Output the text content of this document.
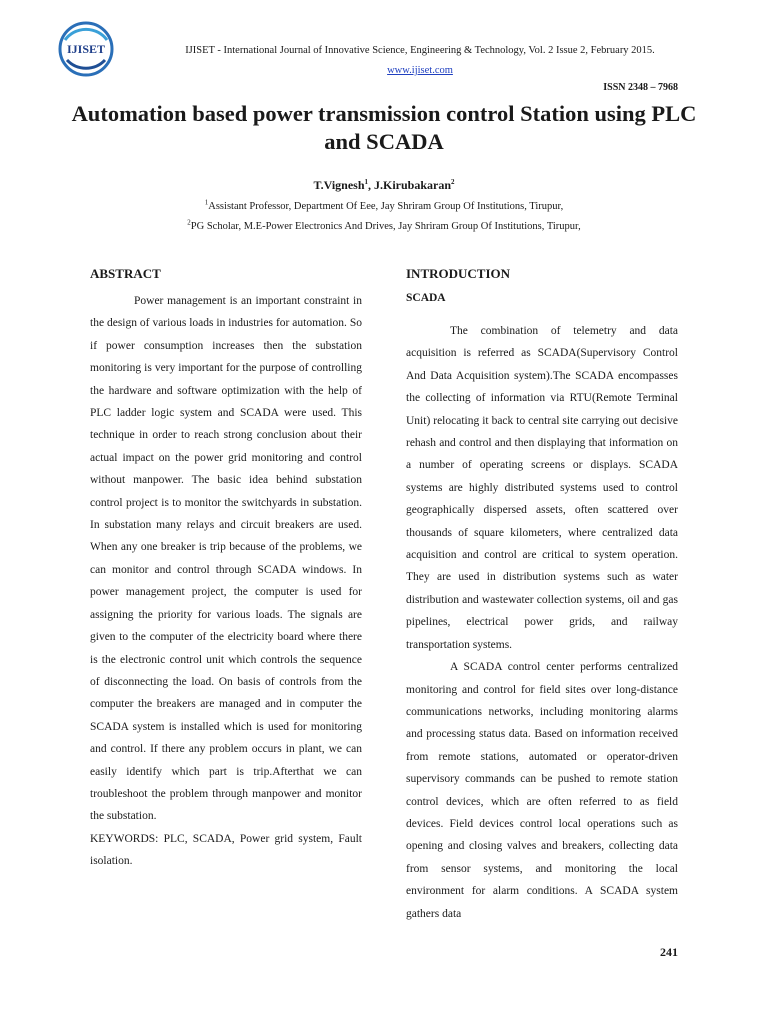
IJISET	IJISET - International Journal of Innovative Science, Engineering & Technology, Vol. 2 Issue 2, February 2015.
www.ijiset.com
ISSN 2348 – 7968
Automation based power transmission control Station using PLC and SCADA
T.Vignesh$^1$, J.Kirubakaran$^2$
$^1$Assistant Professor, Department Of Eee, Jay Shriram Group Of Institutions, Tirupur,
$^2$PG Scholar, M.E-Power Electronics And Drives, Jay Shriram Group Of Institutions, Tirupur,
ABSTRACT

Power management is an important constraint in the design of various loads in industries for automation. So if power consumption increases then the substation monitoring is very important for the purpose of controlling the hardware and software optimization with the help of PLC ladder logic system and SCADA were used. This technique in order to reach strong conclusion about their actual impact on the power grid monitoring and control without manpower. The basic idea behind substation control project is to monitor the switchyards in substation. In substation many relays and circuit breakers are used. When any one breaker is trip because of the problems, we can monitor and control through SCADA windows. In power management project, the computer is used for assigning the priority for various loads. The signals are given to the computer of the electricity board where there is the electronic control unit which controls the sequence of disconnecting the load. On basis of controls from the computer the breakers are managed and in computer the SCADA system is installed which is used for monitoring and control. If there any problem occurs in plant, we can easily identify which part is trip.Afterthat we can troubleshoot the problem through manpower and monitor the substation.

KEYWORDS: PLC, SCADA, Power grid system, Fault isolation.

INTRODUCTION
SCADA

The combination of telemetry and data acquisition is referred as SCADA(Supervisory Control And Data Acquisition system).The SCADA encompasses the collecting of information via RTU(Remote Terminal Unit) relocating it back to central site carrying out decisive rehash and control and then displaying that information on a number of operating screens or displays. SCADA systems are highly distributed systems used to control geographically dispersed assets, often scattered over thousands of square kilometers, where centralized data acquisition and control are critical to system operation. They are used in distribution systems such as water distribution and wastewater collection systems, oil and gas pipelines, electrical power grids, and railway transportation systems.

A SCADA control center performs centralized monitoring and control for field sites over long-distance communications networks, including monitoring alarms and processing status data. Based on information received from remote stations, automated or operator-driven supervisory commands can be pushed to remote station control devices, which are often referred to as field devices. Field devices control local operations such as opening and closing valves and breakers, collecting data from sensor systems, and monitoring the local environment for alarm conditions. A SCADA system gathers data

241
